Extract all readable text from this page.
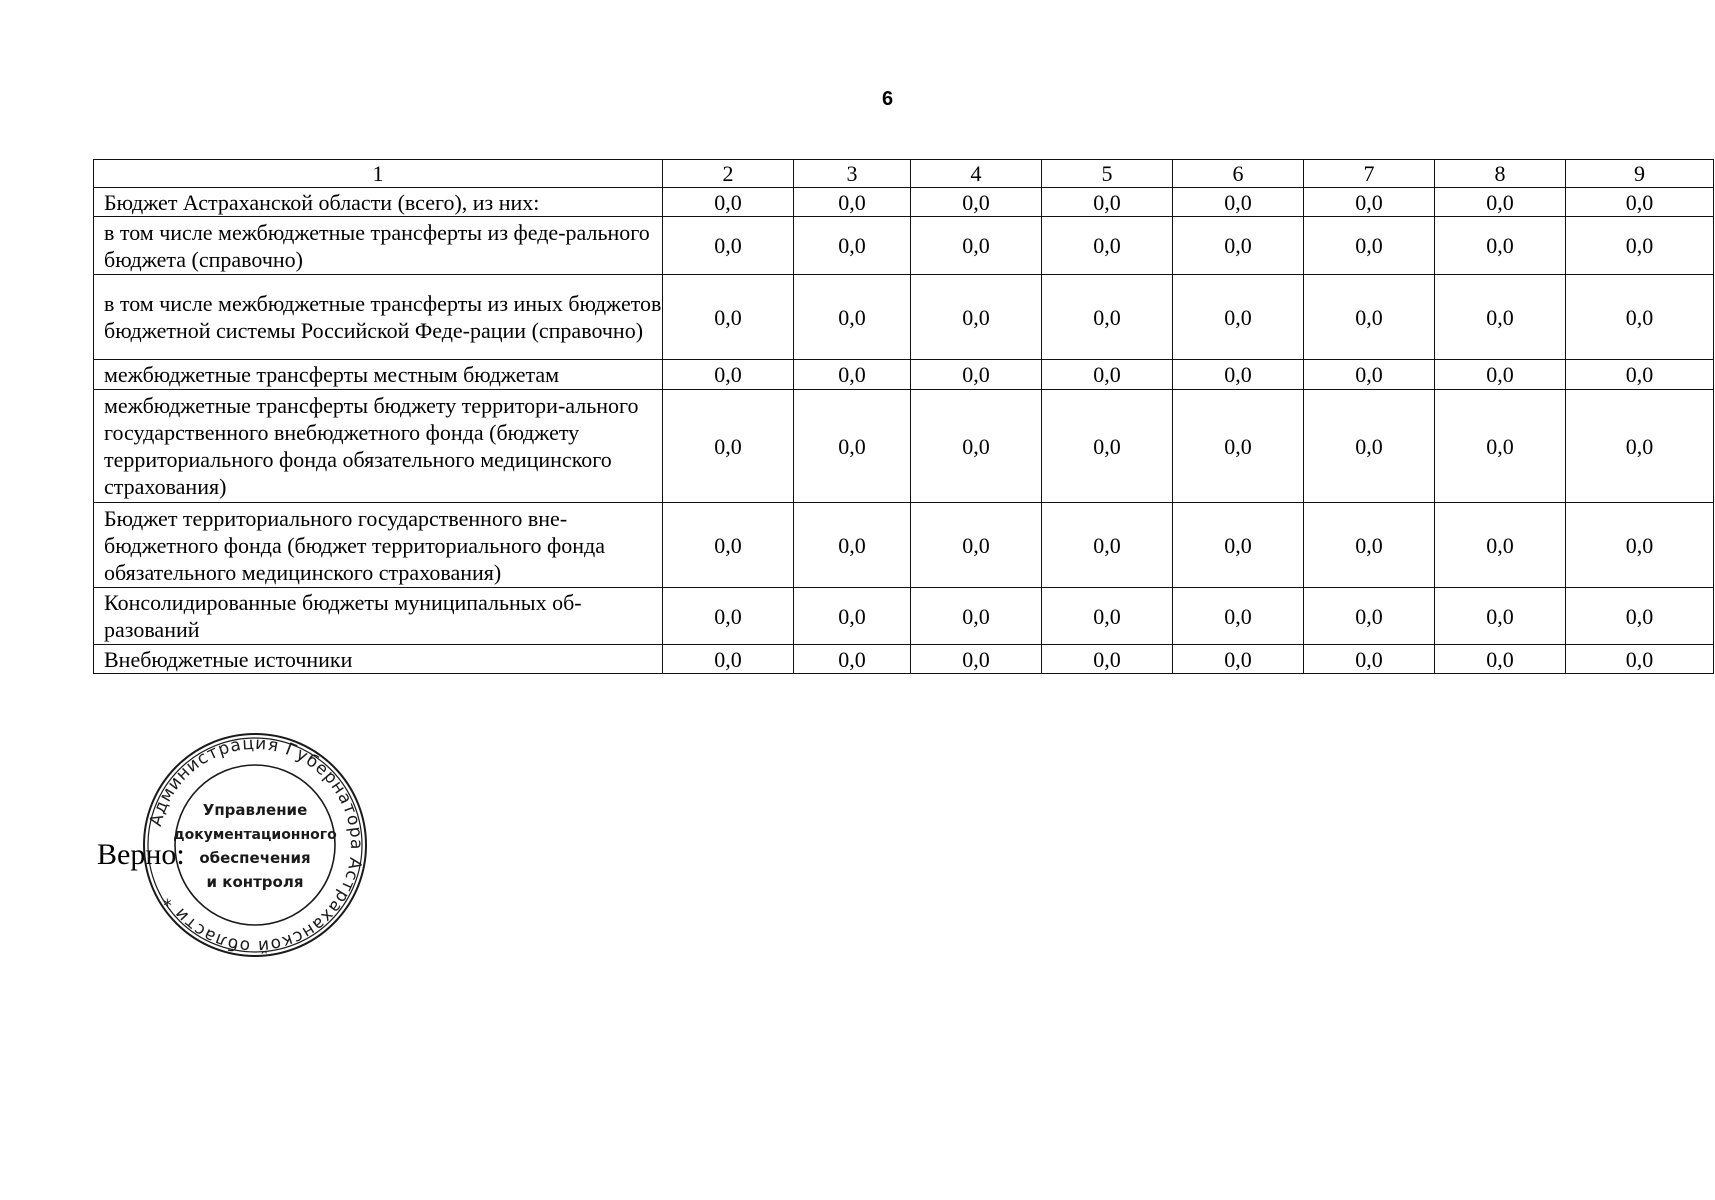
6
1	2	3	4	5	6	7	8	9
Бюджет Астраханской области (всего), из них:	0,0	0,0	0,0	0,0	0,0	0,0	0,0	0,0
в том числе межбюджетные трансферты из феде-рального бюджета (справочно)	0,0	0,0	0,0	0,0	0,0	0,0	0,0	0,0
в том числе межбюджетные трансферты из иных бюджетов бюджетной системы Российской Феде-рации (справочно)	0,0	0,0	0,0	0,0	0,0	0,0	0,0	0,0
межбюджетные трансферты местным бюджетам	0,0	0,0	0,0	0,0	0,0	0,0	0,0	0,0
межбюджетные трансферты бюджету территори-ального государственного внебюджетного фонда (бюджету территориального фонда обязательного медицинского страхования)	0,0	0,0	0,0	0,0	0,0	0,0	0,0	0,0
Бюджет территориального государственного вне-бюджетного фонда (бюджет территориального фонда обязательного медицинского страхования)	0,0	0,0	0,0	0,0	0,0	0,0	0,0	0,0
Консолидированные бюджеты муниципальных об-разований	0,0	0,0	0,0	0,0	0,0	0,0	0,0	0,0
Внебюджетные источники	0,0	0,0	0,0	0,0	0,0	0,0	0,0	0,0
Верно:
Администрация Губернатора Астраханской области *
Управление
документационного
обеспечения
и контроля
